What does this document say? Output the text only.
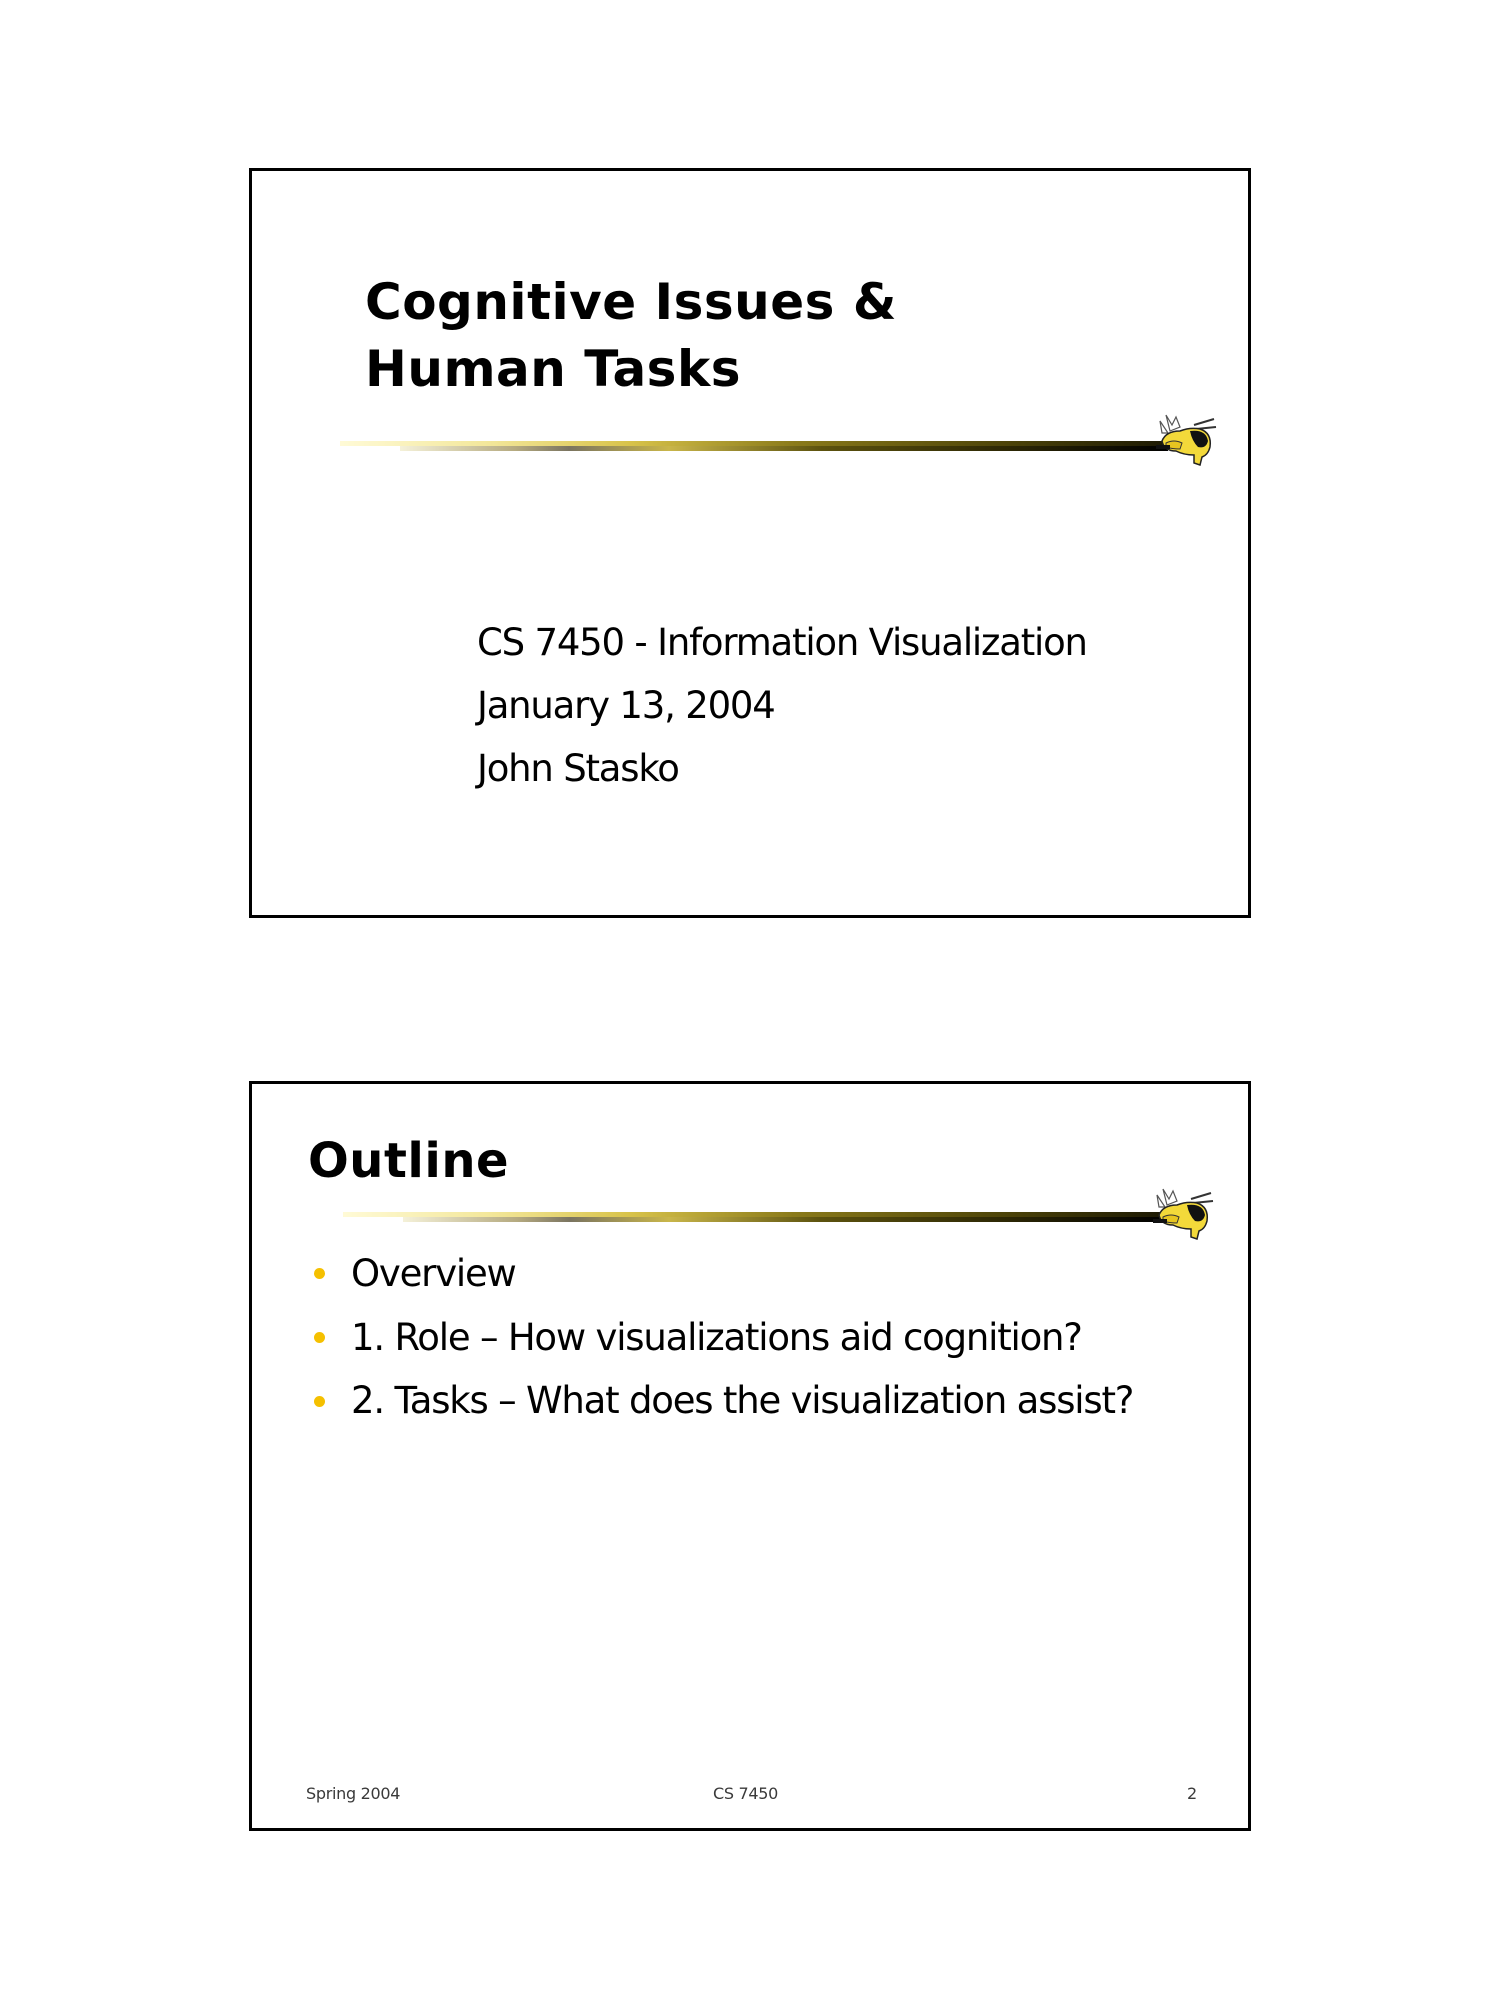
Cognitive Issues &
Human Tasks
CS 7450 - Information Visualization
January 13, 2004
John Stasko
Outline
Overview
1. Role – How visualizations aid cognition?
2. Tasks – What does the visualization assist?
Spring 2004	CS 7450	2
